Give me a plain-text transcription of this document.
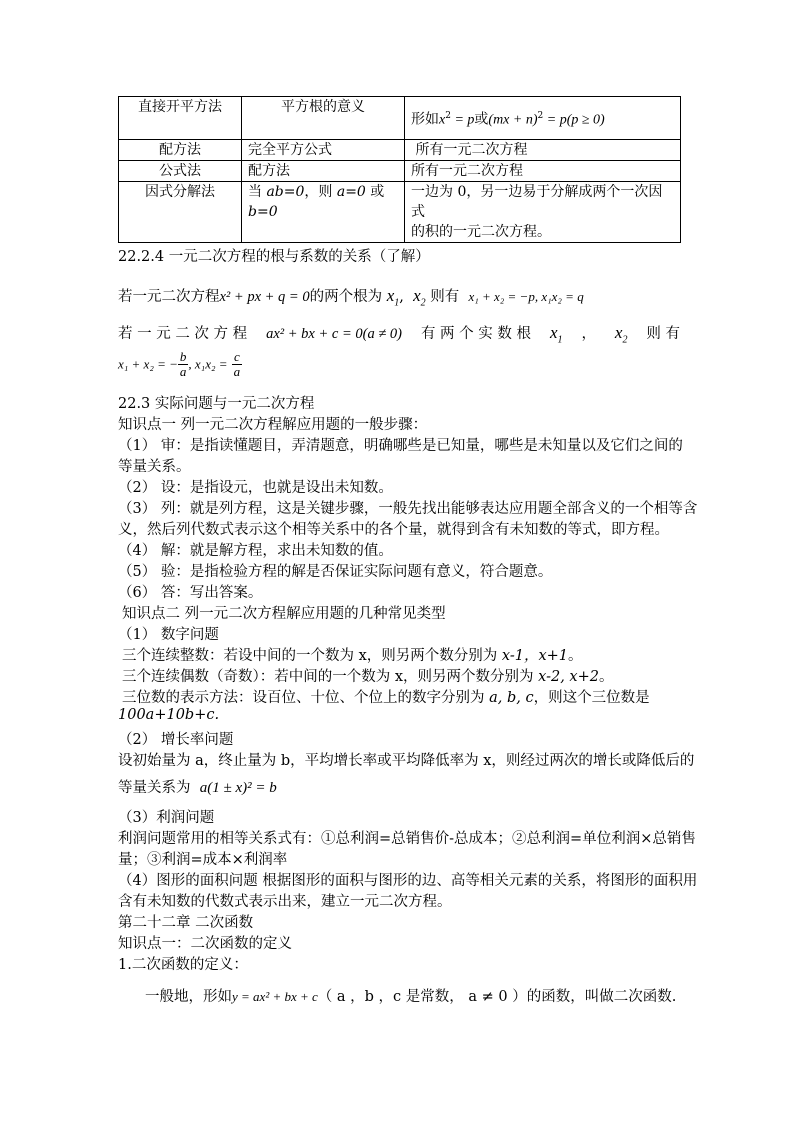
直接开平方法	平方根的意义	形如$x^2 = p$或(mx + n)$^2$ = p(p ≥ 0)
配方法	完全平方公式	所有一元二次方程
公式法	配方法	所有一元二次方程
因式分解法	当 ab=0，则 a=0 或 b=0	一边为 0，另一边易于分解成两个一次因式
的积的一元二次方程。
22.2.4 一元二次方程的根与系数的关系（了解）
若一元二次方程x² + px + q = 0的两个根为 $x_1$,  $x_2$ 则有 x₁ + x₂ = −p, x₁x₂ = q
若 一 元 二 次 方 程 ax² + bx + c = 0(a ≠ 0) 有 两 个 实 数 根 $x_1$ ， $x_2$ 则 有
x₁ + x₂ = − $\frac{b}{a}$ , $x_1x_2 = \frac{c}{a}$
22.3 实际问题与一元二次方程
知识点一 列一元二次方程解应用题的一般步骤：
（1） 审：是指读懂题目，弄清题意，明确哪些是已知量，哪些是未知量以及它们之间的
等量关系。
（2） 设：是指设元，也就是设出未知数。
（3） 列：就是列方程，这是关键步骤，一般先找出能够表达应用题全部含义的一个相等含
义，然后列代数式表示这个相等关系中的各个量，就得到含有未知数的等式，即方程。
（4） 解：就是解方程，求出未知数的值。
（5） 验：是指检验方程的解是否保证实际问题有意义，符合题意。
（6） 答：写出答案。
知识点二 列一元二次方程解应用题的几种常见类型
（1） 数字问题
三个连续整数：若设中间的一个数为 x，则另两个数分别为 x-1，x+1。
三个连续偶数（奇数）：若中间的一个数为 x，则另两个数分别为 x-2, x+2。
三位数的表示方法：设百位、十位、个位上的数字分别为 a, b, c，则这个三位数是
100a+10b+c.
（2） 增长率问题
设初始量为 a，终止量为 b，平均增长率或平均降低率为 x，则经过两次的增长或降低后的
等量关系为 a(1 ± x)² = b
（3）利润问题
利润问题常用的相等关系式有：①总利润=总销售价-总成本；②总利润=单位利润×总销售
量；③利润=成本×利润率
（4）图形的面积问题 根据图形的面积与图形的边、高等相关元素的关系，将图形的面积用
含有未知数的代数式表示出来，建立一元二次方程。
第二十二章 二次函数
知识点一：二次函数的定义
1.二次函数的定义：
一般地，形如y = ax² + bx + c（ a ，b ，c 是常数， a ≠ 0 ）的函数，叫做二次函数.
